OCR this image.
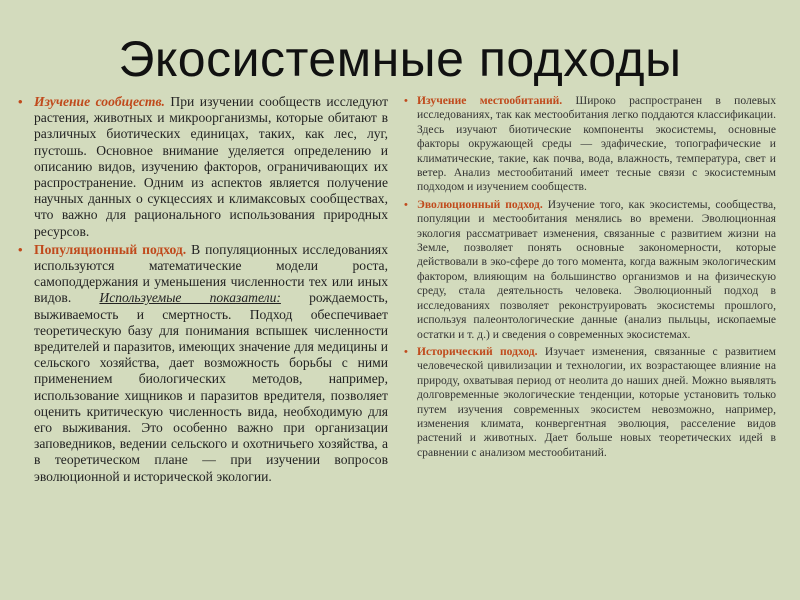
Экосистемные подходы
• Изучение сообществ. При изучении сообществ исследуют растения, животных и микроорганизмы, которые обитают в различных биотических единицах, таких, как лес, луг, пустошь. Основное внимание уделяется определению и описанию видов, изучению факторов, ограничивающих их распространение. Одним из аспектов является получение научных данных о сукцессиях и климаксовых сообществах, что важно для рационального использования природных ресурсов.
• Популяционный подход. В популяционных исследованиях используются математические модели роста, самоподдержания и уменьшения численности тех или иных видов. Используемые показатели: рождаемость, выживаемость и смертность. Подход обеспечивает теоретическую базу для понимания вспышек численности вредителей и паразитов, имеющих значение для медицины и сельского хозяйства, дает возможность борьбы с ними применением биологических методов, например, использование хищников и паразитов вредителя, позволяет оценить критическую численность вида, необходимую для его выживания. Это особенно важно при организации заповедников, ведении сельского и охотничьего хозяйства, а в теоретическом плане — при изучении вопросов эволюционной и исторической экологии.
• Изучение местообитаний. Широко распространен в полевых исследованиях, так как местообитания легко поддаются классификации. Здесь изучают биотические компоненты экосистемы, основные факторы окружающей среды — эдафические, топографические и климатические, такие, как почва, вода, влажность, температура, свет и ветер. Анализ местообитаний имеет тесные связи с экосистемным подходом и изучением сообществ.
• Эволюционный подход. Изучение того, как экосистемы, сообщества, популяции и местообитания менялись во времени. Эволюционная экология рассматривает изменения, связанные с развитием жизни на Земле, позволяет понять основные закономерности, которые действовали в эко-сфере до того момента, когда важным экологическим фактором, влияющим на большинство организмов и на физическую среду, стала деятельность человека. Эволюционный подход в исследованиях позволяет реконструировать экосистемы прошлого, используя палеонтологические данные (анализ пыльцы, ископаемые остатки и т. д.) и сведения о современных экосистемах.
• Исторический подход. Изучает изменения, связанные с развитием человеческой цивилизации и технологии, их возрастающее влияние на природу, охватывая период от неолита до наших дней. Можно выявлять долговременные экологические тенденции, которые установить только путем изучения современных экосистем невозможно, например, изменения климата, конвергентная эволюция, расселение видов растений и животных. Дает больше новых теоретических идей в сравнении с анализом местообитаний.
